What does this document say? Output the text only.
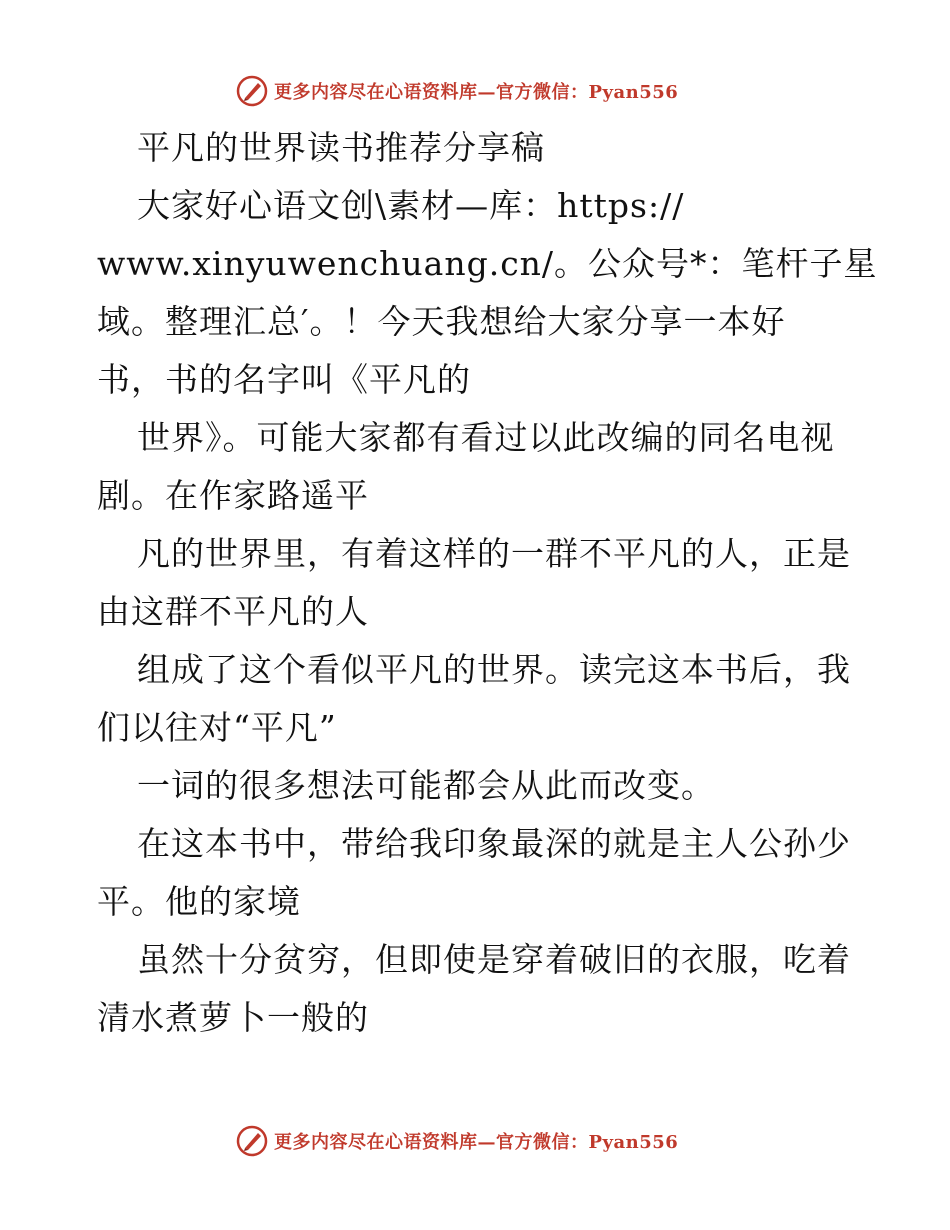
更多内容尽在心语资料库—官方微信：Pyan556
平凡的世界读书推荐分享稿
大家好心语文创\素材—库：https://
www.xinyuwenchuang.cn/。公众号*：笔杆子星
域。整理汇总′。！今天我想给大家分享一本好
书，书的名字叫《平凡的
世界》。可能大家都有看过以此改编的同名电视
剧。在作家路遥平
凡的世界里，有着这样的一群不平凡的人，正是
由这群不平凡的人
组成了这个看似平凡的世界。读完这本书后，我
们以往对“平凡”
一词的很多想法可能都会从此而改变。
在这本书中，带给我印象最深的就是主人公孙少
平。他的家境
虽然十分贫穷，但即使是穿着破旧的衣服，吃着
清水煮萝卜一般的
更多内容尽在心语资料库—官方微信：Pyan556
